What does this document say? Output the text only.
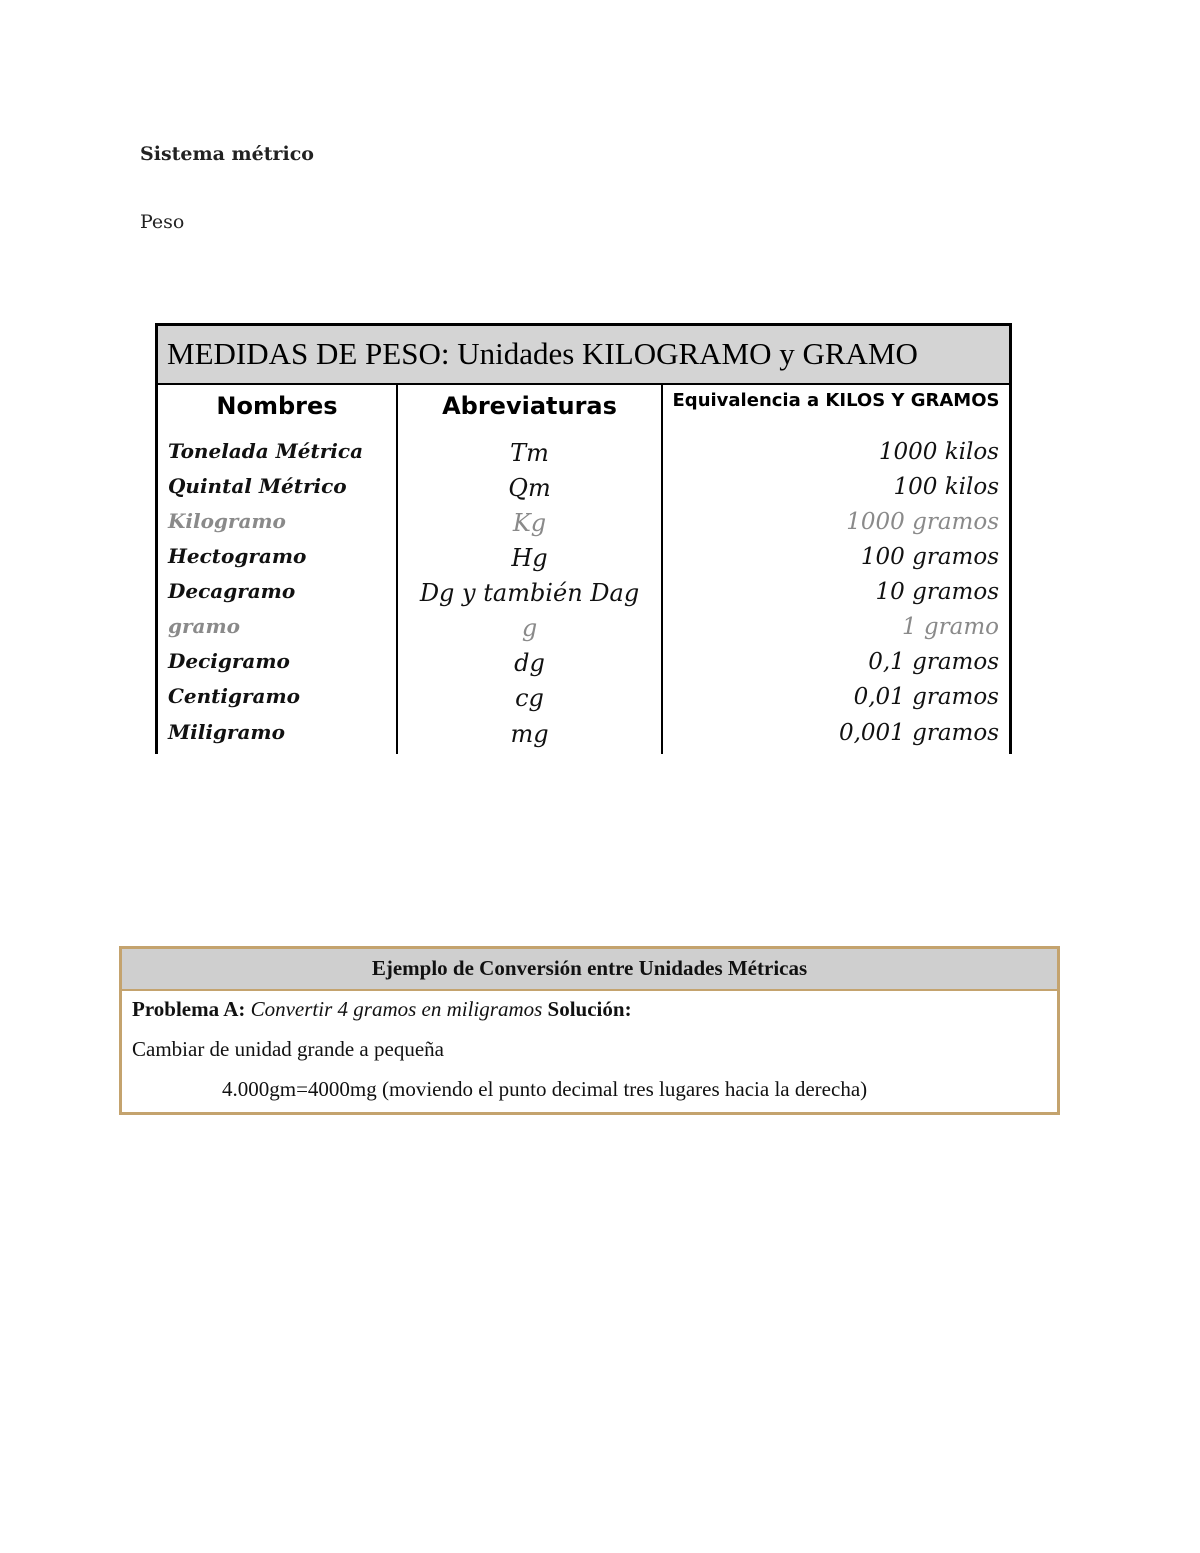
Sistema métrico
Peso
MEDIDAS DE PESO: Unidades KILOGRAMO y GRAMO
Nombres	Abreviaturas	Equivalencia a KILOS Y GRAMOS
Tonelada Métrica	Tm	1000 kilos
Quintal Métrico	Qm	100 kilos
Kilogramo	Kg	1000 gramos
Hectogramo	Hg	100 gramos
Decagramo	Dg y también Dag	10 gramos
gramo	g	1 gramo
Decigramo	dg	0,1 gramos
Centigramo	cg	0,01 gramos
Miligramo	mg	0,001 gramos
Ejemplo de Conversión entre Unidades Métricas
Problema A: Convertir 4 gramos en miligramos Solución:
Cambiar de unidad grande a pequeña
4.000gm=4000mg (moviendo el punto decimal tres lugares hacia la derecha)
